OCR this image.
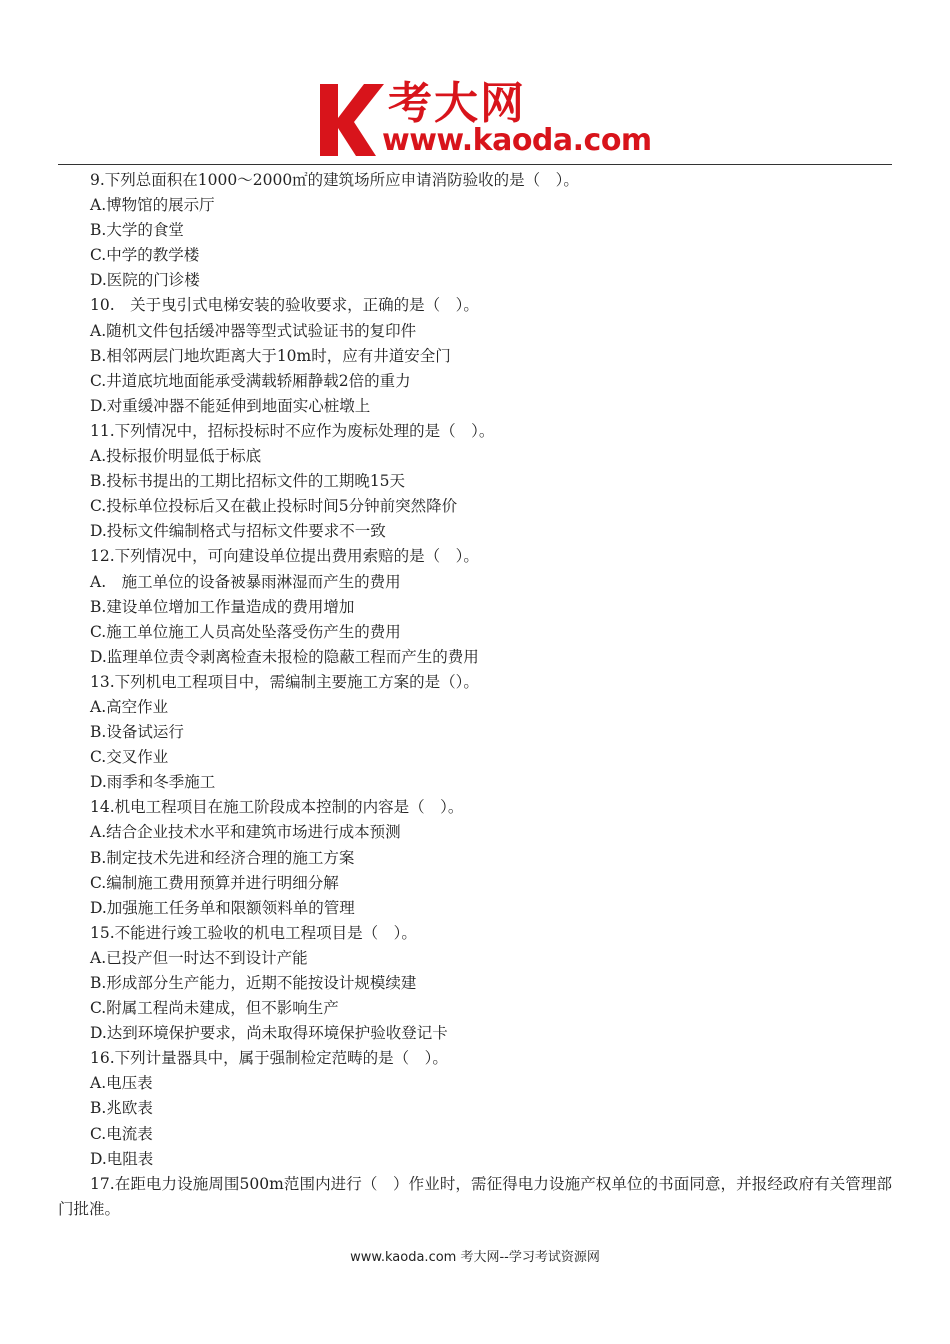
考大网
www.kaoda.com
9.下列总面积在1000～2000㎡的建筑场所应申请消防验收的是（　）。
A.博物馆的展示厅
B.大学的食堂
C.中学的教学楼
D.医院的门诊楼
10.　关于曳引式电梯安装的验收要求，正确的是（　）。
A.随机文件包括缓冲器等型式试验证书的复印件
B.相邻两层门地坎距离大于10m时，应有井道安全门
C.井道底坑地面能承受满载轿厢静载2倍的重力
D.对重缓冲器不能延伸到地面实心桩墩上
11.下列情况中，招标投标时不应作为废标处理的是（　）。
A.投标报价明显低于标底
B.投标书提出的工期比招标文件的工期晚15天
C.投标单位投标后又在截止投标时间5分钟前突然降价
D.投标文件编制格式与招标文件要求不一致
12.下列情况中，可向建设单位提出费用索赔的是（　）。
A.　施工单位的设备被暴雨淋湿而产生的费用
B.建设单位增加工作量造成的费用增加
C.施工单位施工人员高处坠落受伤产生的费用
D.监理单位责令剥离检查未报检的隐蔽工程而产生的费用
13.下列机电工程项目中，需编制主要施工方案的是（）。
A.高空作业
B.设备试运行
C.交叉作业
D.雨季和冬季施工
14.机电工程项目在施工阶段成本控制的内容是（　）。
A.结合企业技术水平和建筑市场进行成本预测
B.制定技术先进和经济合理的施工方案
C.编制施工费用预算并进行明细分解
D.加强施工任务单和限额领料单的管理
15.不能进行竣工验收的机电工程项目是（　）。
A.已投产但一时达不到设计产能
B.形成部分生产能力，近期不能按设计规模续建
C.附属工程尚未建成，但不影响生产
D.达到环境保护要求，尚未取得环境保护验收登记卡
16.下列计量器具中，属于强制检定范畴的是（　）。
A.电压表
B.兆欧表
C.电流表
D.电阻表
17.在距电力设施周围500m范围内进行（　）作业时，需征得电力设施产权单位的书面同意，并报经政府有关管理部门批准。
www.kaoda.com 考大网--学习考试资源网
